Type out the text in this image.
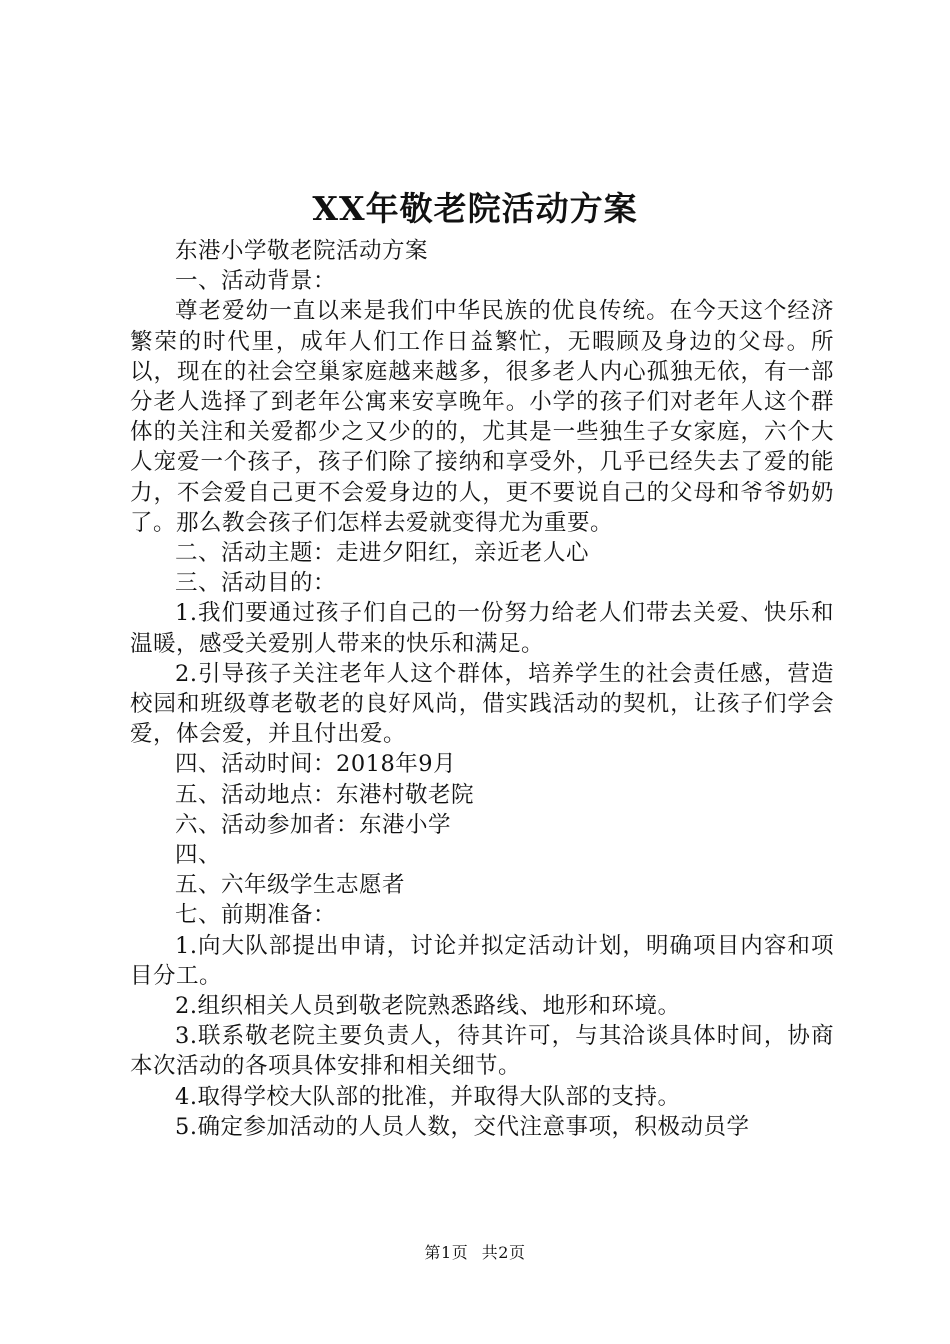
XX年敬老院活动方案

东港小学敬老院活动方案

一、活动背景：

尊老爱幼一直以来是我们中华民族的优良传统。在今天这个经济繁荣的时代里，成年人们工作日益繁忙，无暇顾及身边的父母。所以，现在的社会空巢家庭越来越多，很多老人内心孤独无依，有一部分老人选择了到老年公寓来安享晚年。小学的孩子们对老年人这个群体的关注和关爱都少之又少的的，尤其是一些独生子女家庭，六个大人宠爱一个孩子，孩子们除了接纳和享受外，几乎已经失去了爱的能力，不会爱自己更不会爱身边的人，更不要说自己的父母和爷爷奶奶了。那么教会孩子们怎样去爱就变得尤为重要。

二、活动主题：走进夕阳红，亲近老人心

三、活动目的：

1.我们要通过孩子们自己的一份努力给老人们带去关爱、快乐和温暖，感受关爱别人带来的快乐和满足。

2.引导孩子关注老年人这个群体，培养学生的社会责任感，营造校园和班级尊老敬老的良好风尚，借实践活动的契机，让孩子们学会爱，体会爱，并且付出爱。

四、活动时间：2018年9月

五、活动地点：东港村敬老院

六、活动参加者：东港小学

四、

五、六年级学生志愿者

七、前期准备：

1.向大队部提出申请，讨论并拟定活动计划，明确项目内容和项目分工。

2.组织相关人员到敬老院熟悉路线、地形和环境。

3.联系敬老院主要负责人，待其许可，与其洽谈具体时间，协商本次活动的各项具体安排和相关细节。

4.取得学校大队部的批准，并取得大队部的支持。

5.确定参加活动的人员人数，交代注意事项，积极动员学

第1页 共2页
